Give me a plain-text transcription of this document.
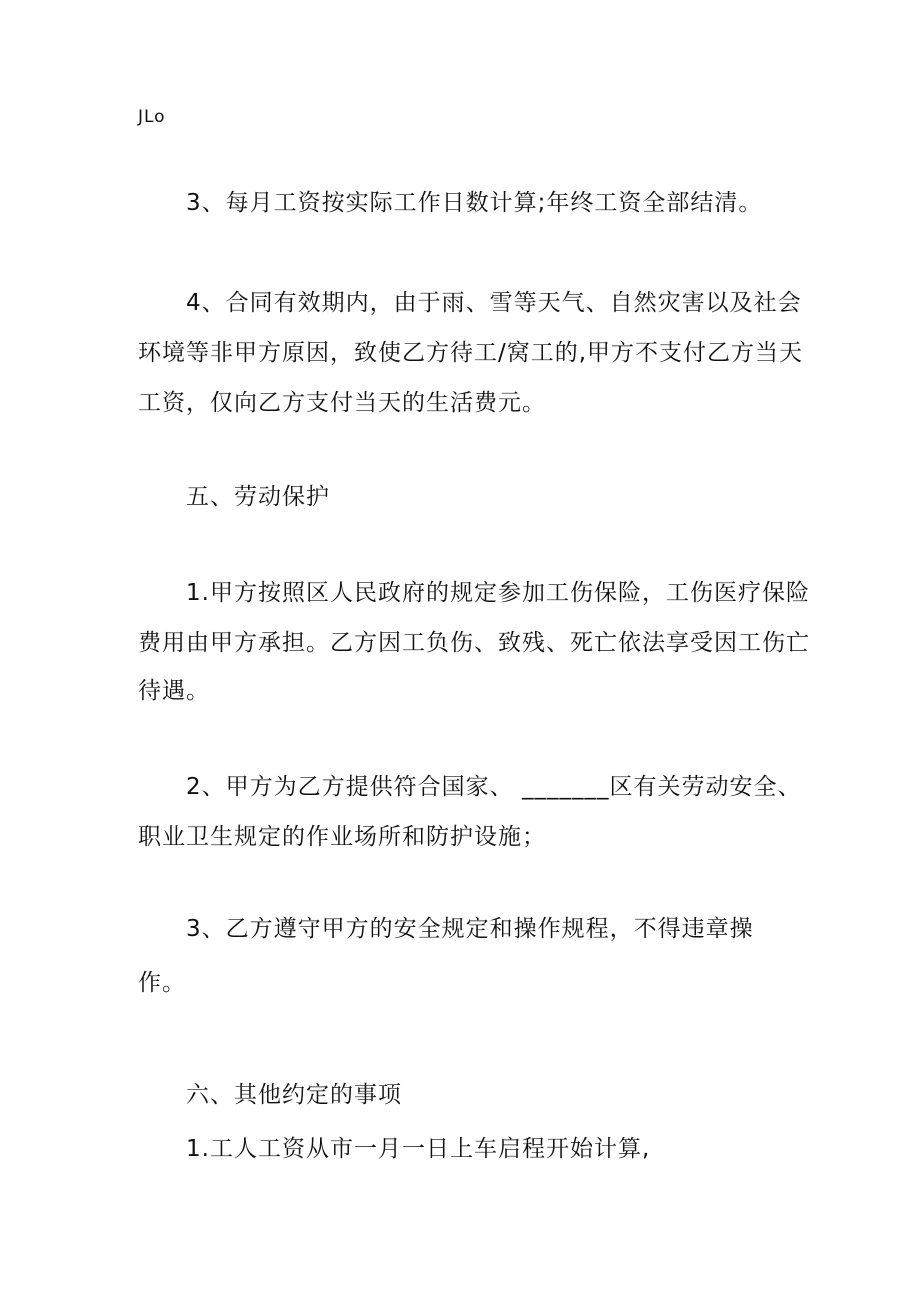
JLo
3、每月工资按实际工作日数计算;年终工资全部结清。
4、合同有效期内，由于雨、雪等天气、自然灾害以及社会
环境等非甲方原因，致使乙方待工/窝工的,甲方不支付乙方当天
工资，仅向乙方支付当天的生活费元。
五、劳动保护
1.甲方按照区人民政府的规定参加工伤保险，工伤医疗保险
费用由甲方承担。乙方因工负伤、致残、死亡依法享受因工伤亡
待遇。
2、甲方为乙方提供符合国家、 _______区有关劳动安全、
职业卫生规定的作业场所和防护设施；
3、乙方遵守甲方的安全规定和操作规程，不得违章操
作。
六、其他约定的事项
1.工人工资从市一月一日上车启程开始计算,
